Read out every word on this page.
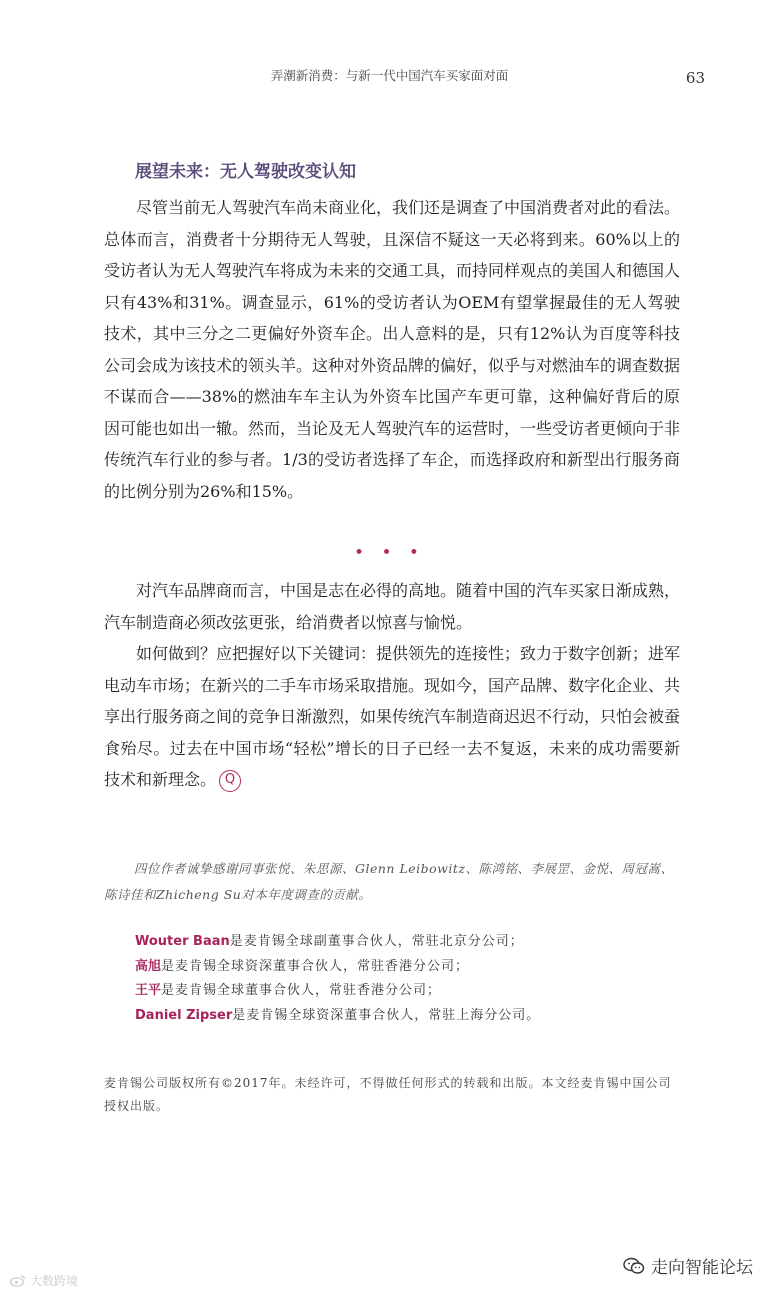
弄潮新消费：与新一代中国汽车买家面对面	63
展望未来：无人驾驶改变认知

尽管当前无人驾驶汽车尚未商业化，我们还是调查了中国消费者对此的看法。总体而言，消费者十分期待无人驾驶，且深信不疑这一天必将到来。60%以上的受访者认为无人驾驶汽车将成为未来的交通工具，而持同样观点的美国人和德国人只有43%和31%。调查显示，61%的受访者认为OEM有望掌握最佳的无人驾驶技术，其中三分之二更偏好外资车企。出人意料的是，只有12%认为百度等科技公司会成为该技术的领头羊。这种对外资品牌的偏好，似乎与对燃油车的调查数据不谋而合——38%的燃油车车主认为外资车比国产车更可靠，这种偏好背后的原因可能也如出一辙。然而，当论及无人驾驶汽车的运营时，一些受访者更倾向于非传统汽车行业的参与者。1/3的受访者选择了车企，而选择政府和新型出行服务商的比例分别为26%和15%。

• • •

对汽车品牌商而言，中国是志在必得的高地。随着中国的汽车买家日渐成熟，汽车制造商必须改弦更张，给消费者以惊喜与愉悦。

如何做到？应把握好以下关键词：提供领先的连接性；致力于数字创新；进军电动车市场；在新兴的二手车市场采取措施。现如今，国产品牌、数字化企业、共享出行服务商之间的竞争日渐激烈，如果传统汽车制造商迟迟不行动，只怕会被蚕食殆尽。过去在中国市场“轻松”增长的日子已经一去不复返，未来的成功需要新技术和新理念。 Q

四位作者诚挚感谢同事张悦、朱思源、Glenn Leibowitz、陈鸿铭、李展罡、金悦、周冠嵩、陈诗佳和Zhicheng Su对本年度调查的贡献。
Wouter Baan是麦肯锡全球副董事合伙人，常驻北京分公司；
高旭是麦肯锡全球资深董事合伙人，常驻香港分公司；
王平是麦肯锡全球董事合伙人，常驻香港分公司；
Daniel Zipser是麦肯锡全球资深董事合伙人，常驻上海分公司。
麦肯锡公司版权所有©2017年。未经许可，不得做任何形式的转载和出版。本文经麦肯锡中国公司授权出版。
走向智能论坛
大数跨境
